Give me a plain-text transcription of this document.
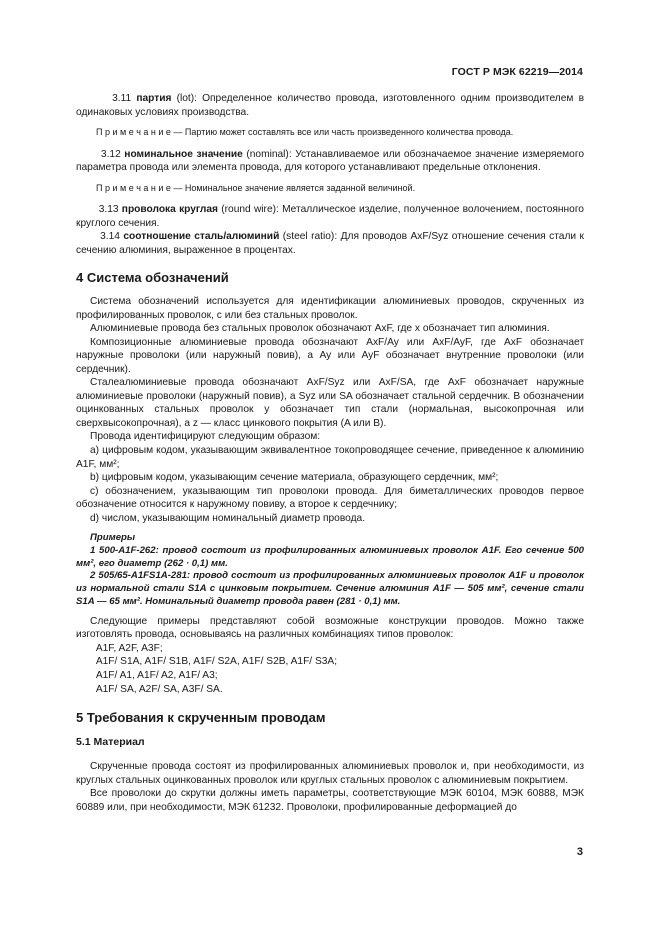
ГОСТ Р МЭК 62219—2014

3.11 партия (lot): Определенное количество провода, изготовленного одним производителем в одинаковых условиях производства.

П р и м е ч а н и е — Партию может составлять все или часть произведенного количества провода.

3.12 номинальное значение (nominal): Устанавливаемое или обозначаемое значение измеряемого параметра провода или элемента провода, для которого устанавливают предельные отклонения.

П р и м е ч а н и е — Номинальное значение является заданной величиной.

3.13 проволока круглая (round wire): Металлическое изделие, полученное волочением, постоянного круглого сечения.

3.14 соотношение сталь/алюминий (steel ratio): Для проводов AxF/Syz отношение сечения стали к сечению алюминия, выраженное в процентах.

4 Система обозначений

Система обозначений используется для идентификации алюминиевых проводов, скрученных из профилированных проволок, с или без стальных проволок.

Алюминиевые провода без стальных проволок обозначают AxF, где x обозначает тип алюминия.

Композиционные алюминиевые провода обозначают AxF/Ay или AxF/AyF, где AxF обозначает наружные проволоки (или наружный повив), а Ay или AyF обозначает внутренние проволоки (или сердечник).

Сталеалюминиевые провода обозначают AxF/Syz или AxF/SA, где AxF обозначает наружные алюминиевые проволоки (наружный повив), а Syz или SA обозначает стальной сердечник. В обозначении оцинкованных стальных проволок y обозначает тип стали (нормальная, высокопрочная или сверхвысокопрочная), а z — класс цинкового покрытия (A или B).

Провода идентифицируют следующим образом:

a) цифровым кодом, указывающим эквивалентное токопроводящее сечение, приведенное к алюминию A1F, мм²;

b) цифровым кодом, указывающим сечение материала, образующего сердечник, мм²;

c) обозначением, указывающим тип проволоки провода. Для биметаллических проводов первое обозначение относится к наружному повиву, а второе к сердечнику;

d) числом, указывающим номинальный диаметр провода.

Примеры

1 500-A1F-262: провод состоит из профилированных алюминиевых проволок A1F. Его сечение 500 мм², его диаметр (262 · 0,1) мм.

2 505/65-A1FS1A-281: провод состоит из профилированных алюминиевых проволок A1F и проволок из нормальной стали S1A с цинковым покрытием. Сечение алюминия A1F — 505 мм², сечение стали S1A — 65 мм². Номинальный диаметр провода равен (281 · 0,1) мм.

Следующие примеры представляют собой возможные конструкции проводов. Можно также изготовлять провода, основываясь на различных комбинациях типов проволок:

A1F, A2F, A3F;

A1F/ S1A, A1F/ S1B, A1F/ S2A, A1F/ S2B, A1F/ S3A;

A1F/ A1, A1F/ A2, A1F/ A3;

A1F/ SA, A2F/ SA, A3F/ SA.

5 Требования к скрученным проводам

5.1 Материал

Скрученные провода состоят из профилированных алюминиевых проволок и, при необходимости, из круглых стальных оцинкованных проволок или круглых стальных проволок с алюминиевым покрытием.

Все проволоки до скрутки должны иметь параметры, соответствующие МЭК 60104, МЭК 60888, МЭК 60889 или, при необходимости, МЭК 61232. Проволоки, профилированные деформацией до

3
